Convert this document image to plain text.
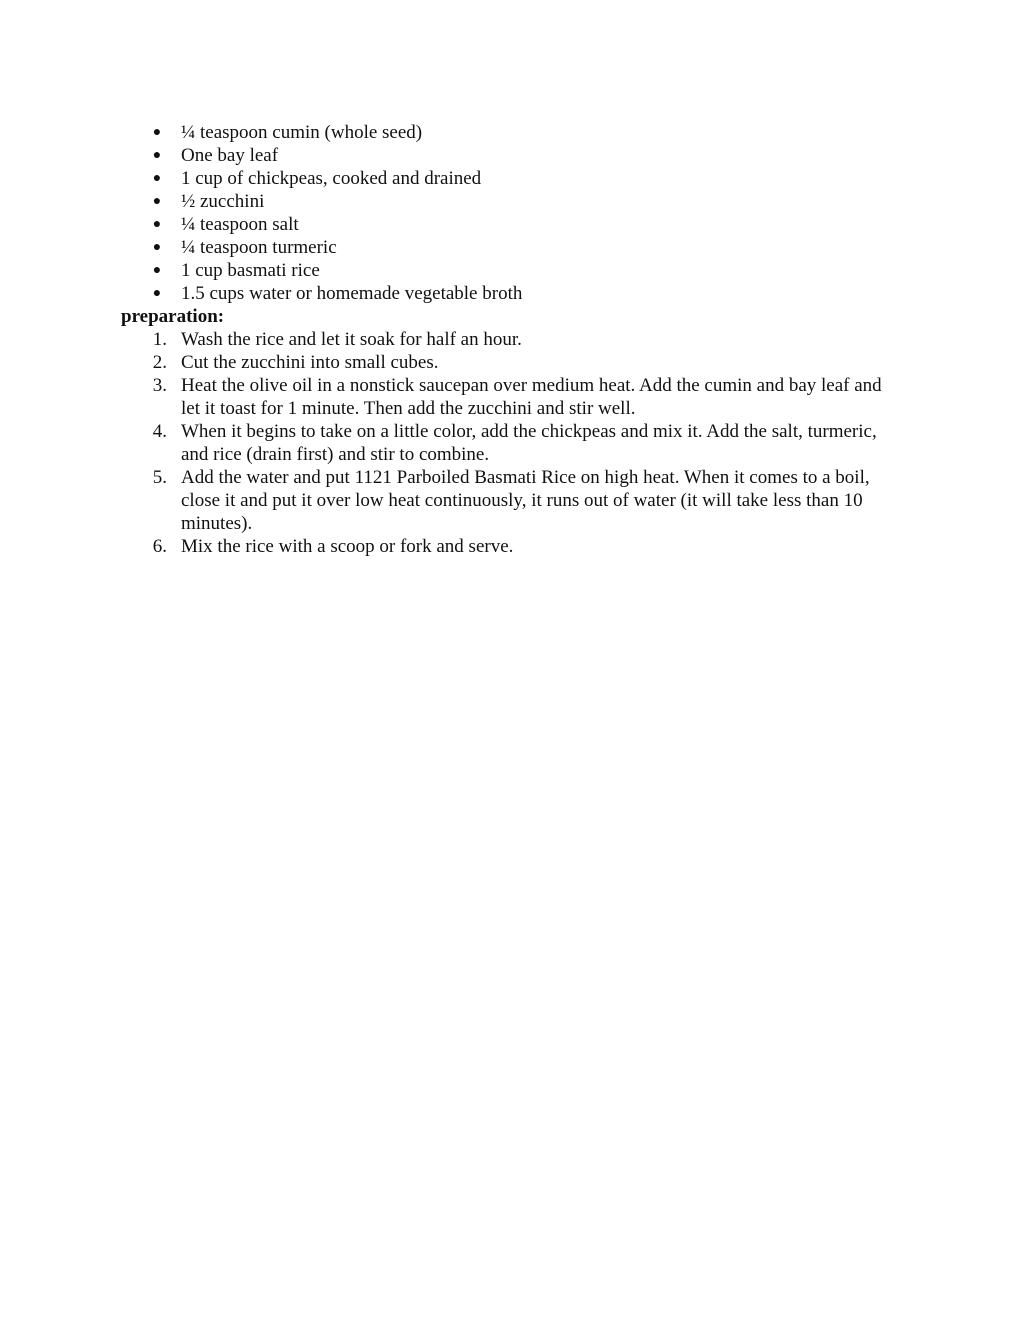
● ¼ teaspoon cumin (whole seed)
● One bay leaf
● 1 cup of chickpeas, cooked and drained
● ½ zucchini
● ¼ teaspoon salt
● ¼ teaspoon turmeric
● 1 cup basmati rice
● 1.5 cups water or homemade vegetable broth
preparation:
1. Wash the rice and let it soak for half an hour.
2. Cut the zucchini into small cubes.
3. Heat the olive oil in a nonstick saucepan over medium heat. Add the cumin and bay leaf and let it toast for 1 minute. Then add the zucchini and stir well.
4. When it begins to take on a little color, add the chickpeas and mix it. Add the salt, turmeric, and rice (drain first) and stir to combine.
5. Add the water and put 1121 Parboiled Basmati Rice on high heat. When it comes to a boil, close it and put it over low heat continuously, it runs out of water (it will take less than 10 minutes).
6. Mix the rice with a scoop or fork and serve.
